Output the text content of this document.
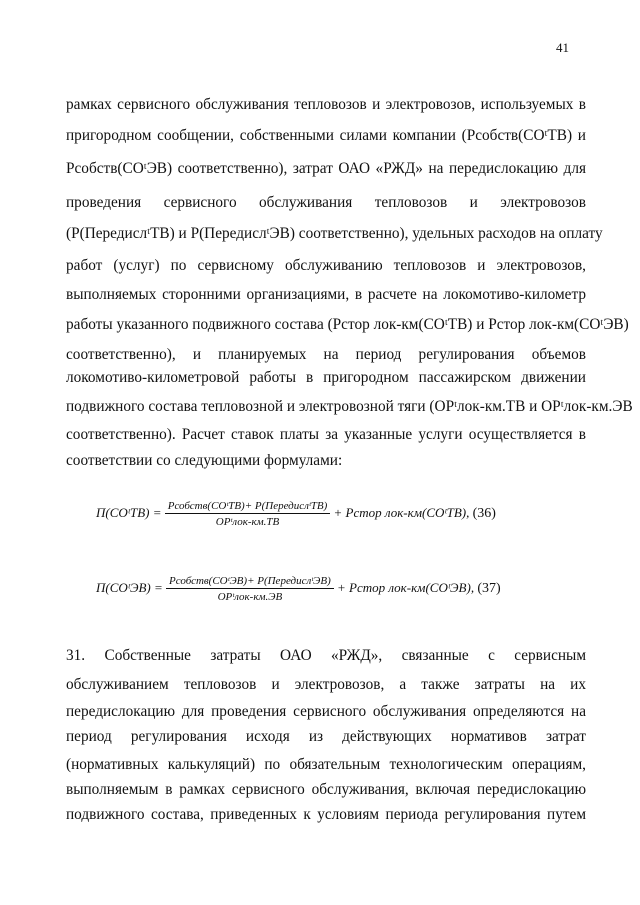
41
рамках сервисного обслуживания тепловозов и электровозов, используемых в
пригородном сообщении, собственными силами компании (Pсобств(COᵗТВ) и
Pсобств(COᵗЭВ) соответственно), затрат ОАО «РЖД» на передислокацию для
проведения сервисного обслуживания тепловозов и электровозов
(P(ПередислᵗТВ) и P(ПередислᵗЭВ) соответственно), удельных расходов на оплату
работ (услуг) по сервисному обслуживанию тепловозов и электровозов,
выполняемых сторонними организациями, в расчете на локомотиво-километр
работы указанного подвижного состава (Pстор лок-км(COᵗТВ) и Pстор лок-км(COᵗЭВ)
соответственно), и планируемых на период регулирования объемов
локомотиво-километровой работы в пригородном пассажирском движении
подвижного состава тепловозной и электровозной тяги (OPᵗлок-км.ТВ и OPᵗлок-км.ЭВ
соответственно). Расчет ставок платы за указанные услуги осуществляется в
соответствии со следующими формулами:
П(COᵗТВ) = $\frac{\text{Pсобств(COᵗТВ)+ P(ПередислᵗТВ)}}{\text{OPᵗлок-км.ТВ}}$ + Pстор лок-км(COᵗТВ), (36)
П(COᵗЭВ) = $\frac{\text{Pсобств(COᵗЭВ)+ P(ПередислᵗЭВ)}}{\text{OPᵗлок-км.ЭВ}}$ + Pстор лок-км(COᵗЭВ), (37)
31. Собственные затраты ОАО «РЖД», связанные с сервисным
обслуживанием тепловозов и электровозов, а также затраты на их
передислокацию для проведения сервисного обслуживания определяются на
период регулирования исходя из действующих нормативов затрат
(нормативных калькуляций) по обязательным технологическим операциям,
выполняемым в рамках сервисного обслуживания, включая передислокацию
подвижного состава, приведенных к условиям периода регулирования путем
